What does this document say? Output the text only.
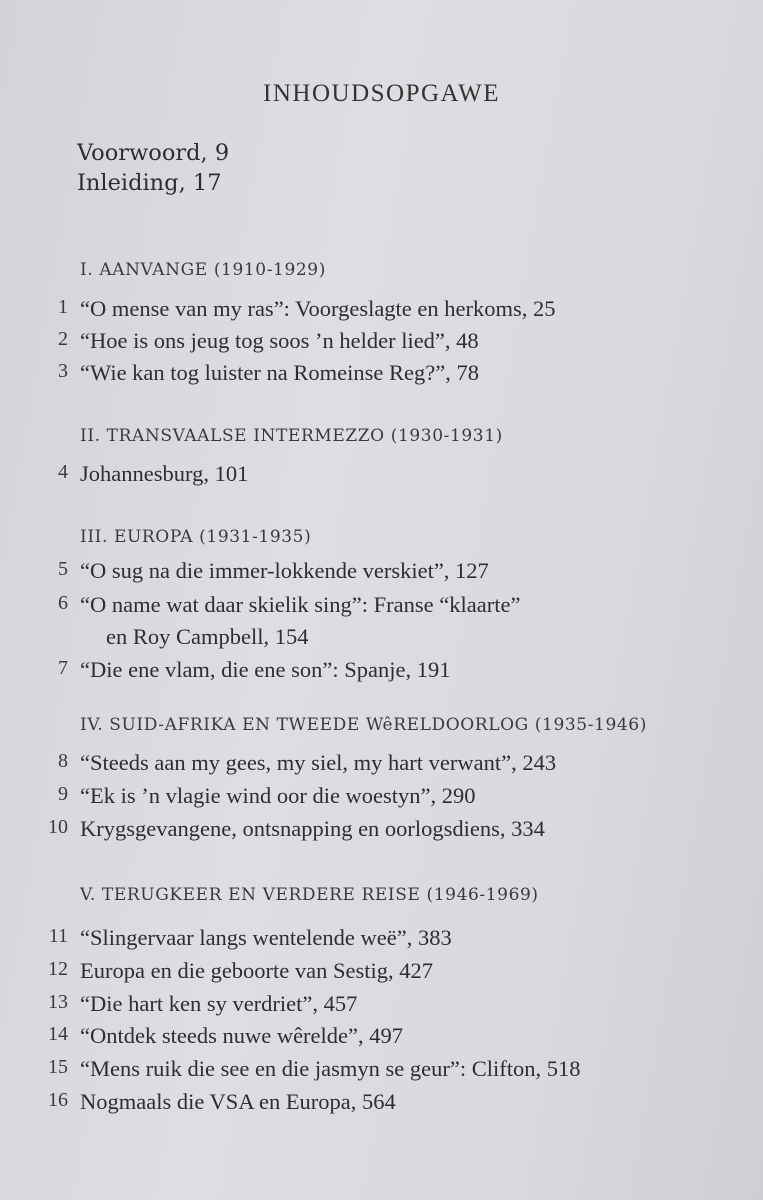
INHOUDSOPGAWE
Voorwoord, 9
Inleiding, 17
I. AANVANGE (1910-1929)
1 “O mense van my ras”: Voorgeslagte en herkoms, 25
2 “Hoe is ons jeug tog soos ’n helder lied”, 48
3 “Wie kan tog luister na Romeinse Reg?”, 78
II. TRANSVAALSE INTERMEZZO (1930-1931)
4 Johannesburg, 101
III. EUROPA (1931-1935)
5 “O sug na die immer-lokkende verskiet”, 127
6 “O name wat daar skielik sing”: Franse “klaarte”
en Roy Campbell, 154
7 “Die ene vlam, die ene son”: Spanje, 191
IV. SUID-AFRIKA EN TWEEDE WêRELDOORLOG (1935-1946)
8 “Steeds aan my gees, my siel, my hart verwant”, 243
9 “Ek is ’n vlagie wind oor die woestyn”, 290
10 Krygsgevangene, ontsnapping en oorlogsdiens, 334
V. TERUGKEER EN VERDERE REISE (1946-1969)
11 “Slingervaar langs wentelende weë”, 383
12 Europa en die geboorte van Sestig, 427
13 “Die hart ken sy verdriet”, 457
14 “Ontdek steeds nuwe wêrelde”, 497
15 “Mens ruik die see en die jasmyn se geur”: Clifton, 518
16 Nogmaals die VSA en Europa, 564
